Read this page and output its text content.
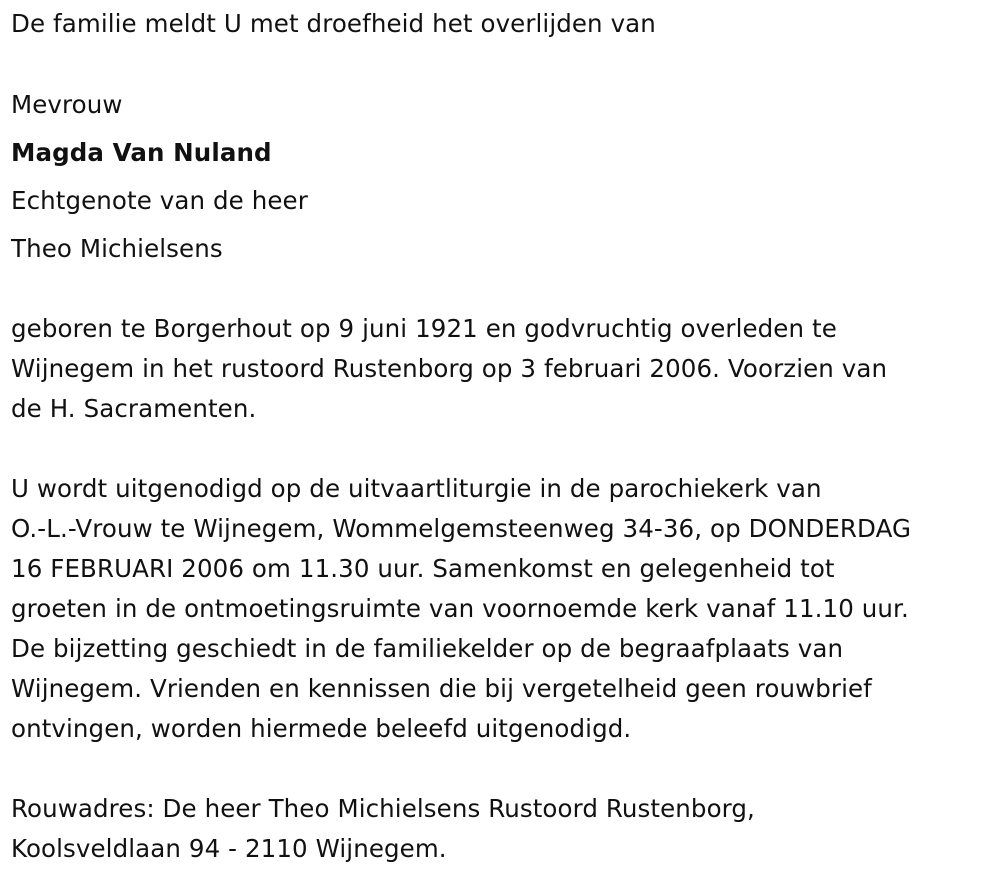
De familie meldt U met droefheid het overlijden van
Mevrouw
Magda Van Nuland
Echtgenote van de heer
Theo Michielsens
geboren te Borgerhout op 9 juni 1921 en godvruchtig overleden te
Wijnegem in het rustoord Rustenborg op 3 februari 2006. Voorzien van
de H. Sacramenten.
U wordt uitgenodigd op de uitvaartliturgie in de parochiekerk van
O.-L.-Vrouw te Wijnegem, Wommelgemsteenweg 34-36, op DONDERDAG
16 FEBRUARI 2006 om 11.30 uur. Samenkomst en gelegenheid tot
groeten in de ontmoetingsruimte van voornoemde kerk vanaf 11.10 uur.
De bijzetting geschiedt in de familiekelder op de begraafplaats van
Wijnegem. Vrienden en kennissen die bij vergetelheid geen rouwbrief
ontvingen, worden hiermede beleefd uitgenodigd.
Rouwadres: De heer Theo Michielsens Rustoord Rustenborg,
Koolsveldlaan 94 - 2110 Wijnegem.
